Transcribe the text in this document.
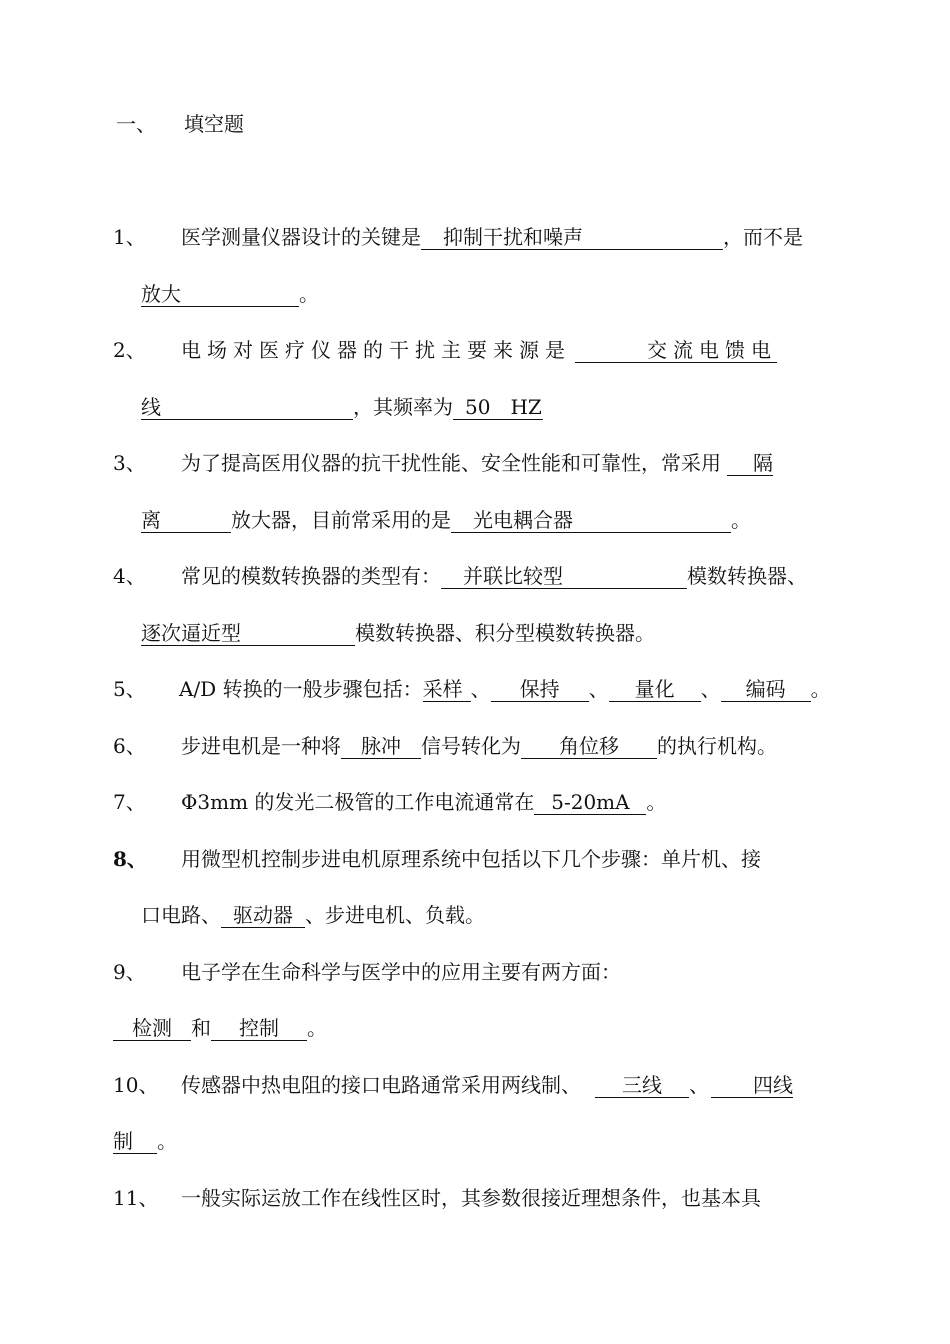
一、 填空题
1、 医学测量仪器设计的关键是 抑制干扰和噪声	，而不是
放大	。
2、 电场对医疗仪器的干扰主要来源是	交流电馈电
线	，其频率为 50　HZ
3、 为了提高医用仪器的抗干扰性能、安全性能和可靠性，常采用 隔
离	放大器，目前常采用的是 光电耦合器	。
4、 常见的模数转换器的类型有： 并联比较型	模数转换器、
逐次逼近型	模数转换器、积分型模数转换器。
5、 A/D 转换的一般步骤包括：采样 、 保持 、 量化 、 编码 。
6、 步进电机是一种将 脉冲 信号转化为 角位移 的执行机构。
7、 Φ3mm 的发光二极管的工作电流通常在 5-20mA 。
8、 用微型机控制步进电机原理系统中包括以下几个步骤：单片机、接
口电路、 驱动器 、步进电机、负载。
9、 电子学在生命科学与医学中的应用主要有两方面：
检测 和 控制 。
10、 传感器中热电阻的接口电路通常采用两线制、 三线 、 四线
制 。
11、 一般实际运放工作在线性区时，其参数很接近理想条件，也基本具
